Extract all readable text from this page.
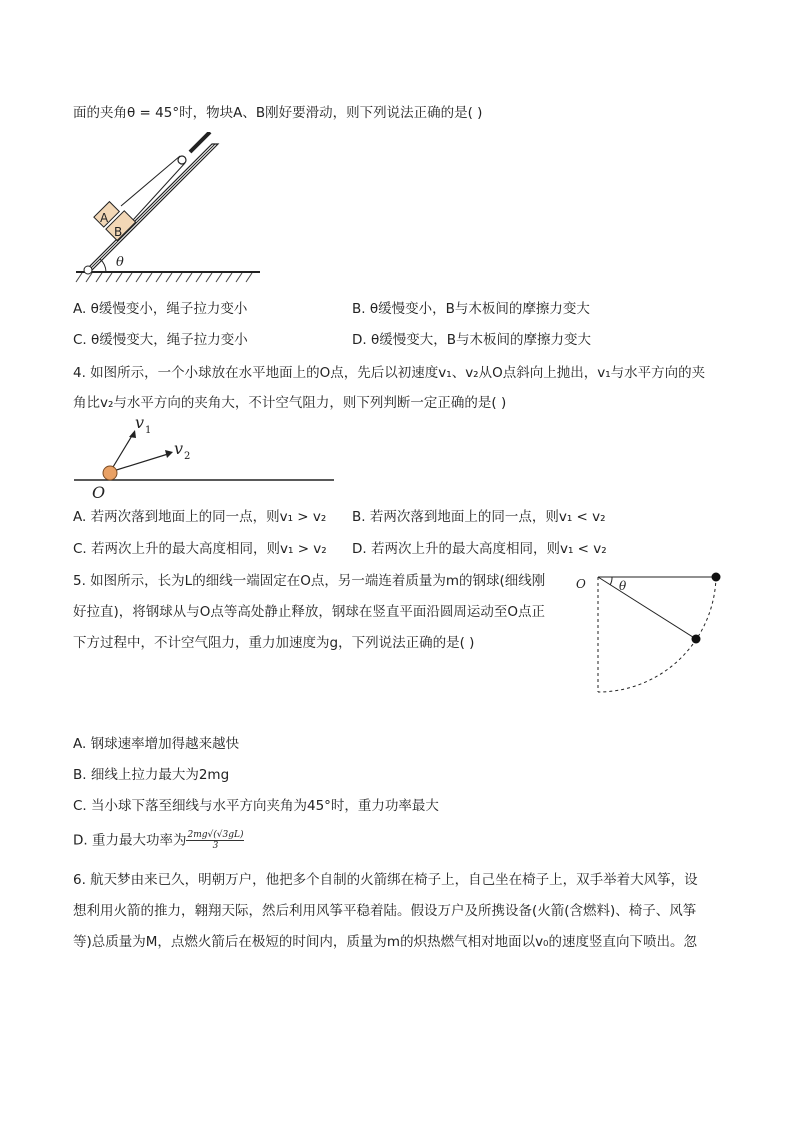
面的夹角θ = 45°时，物块A、B刚好要滑动，则下列说法正确的是( )
A
B
θ
A. θ缓慢变小，绳子拉力变小	B. θ缓慢变小，B与木板间的摩擦力变大
C. θ缓慢变大，绳子拉力变小	D. θ缓慢变大，B与木板间的摩擦力变大
4. 如图所示，一个小球放在水平地面上的O点，先后以初速度v₁、v₂从O点斜向上抛出，v₁与水平方向的夹
角比v₂与水平方向的夹角大，不计空气阻力，则下列判断一定正确的是( )
v 1
v 2
O
A. 若两次落到地面上的同一点，则v₁ > v₂ B. 若两次落到地面上的同一点，则v₁ < v₂
C. 若两次上升的最大高度相同，则v₁ > v₂ D. 若两次上升的最大高度相同，则v₁ < v₂
5. 如图所示，长为L的细线一端固定在O点，另一端连着质量为m的钢球(细线刚
好拉直)，将钢球从与O点等高处静止释放，钢球在竖直平面沿圆周运动至O点正
下方过程中，不计空气阻力，重力加速度为g，下列说法正确的是( )
O	θ
A. 钢球速率增加得越来越快
B. 细线上拉力最大为2mg
C. 当小球下落至细线与水平方向夹角为45°时，重力功率最大
D. 重力最大功率为 $\frac{2mg√(√3gL)}{3}$
6. 航天梦由来已久，明朝万户，他把多个自制的火箭绑在椅子上，自己坐在椅子上，双手举着大风筝，设
想利用火箭的推力，翱翔天际，然后利用风筝平稳着陆。假设万户及所携设备(火箭(含燃料)、椅子、风筝
等)总质量为M，点燃火箭后在极短的时间内，质量为m的炽热燃气相对地面以v₀的速度竖直向下喷出。忽
